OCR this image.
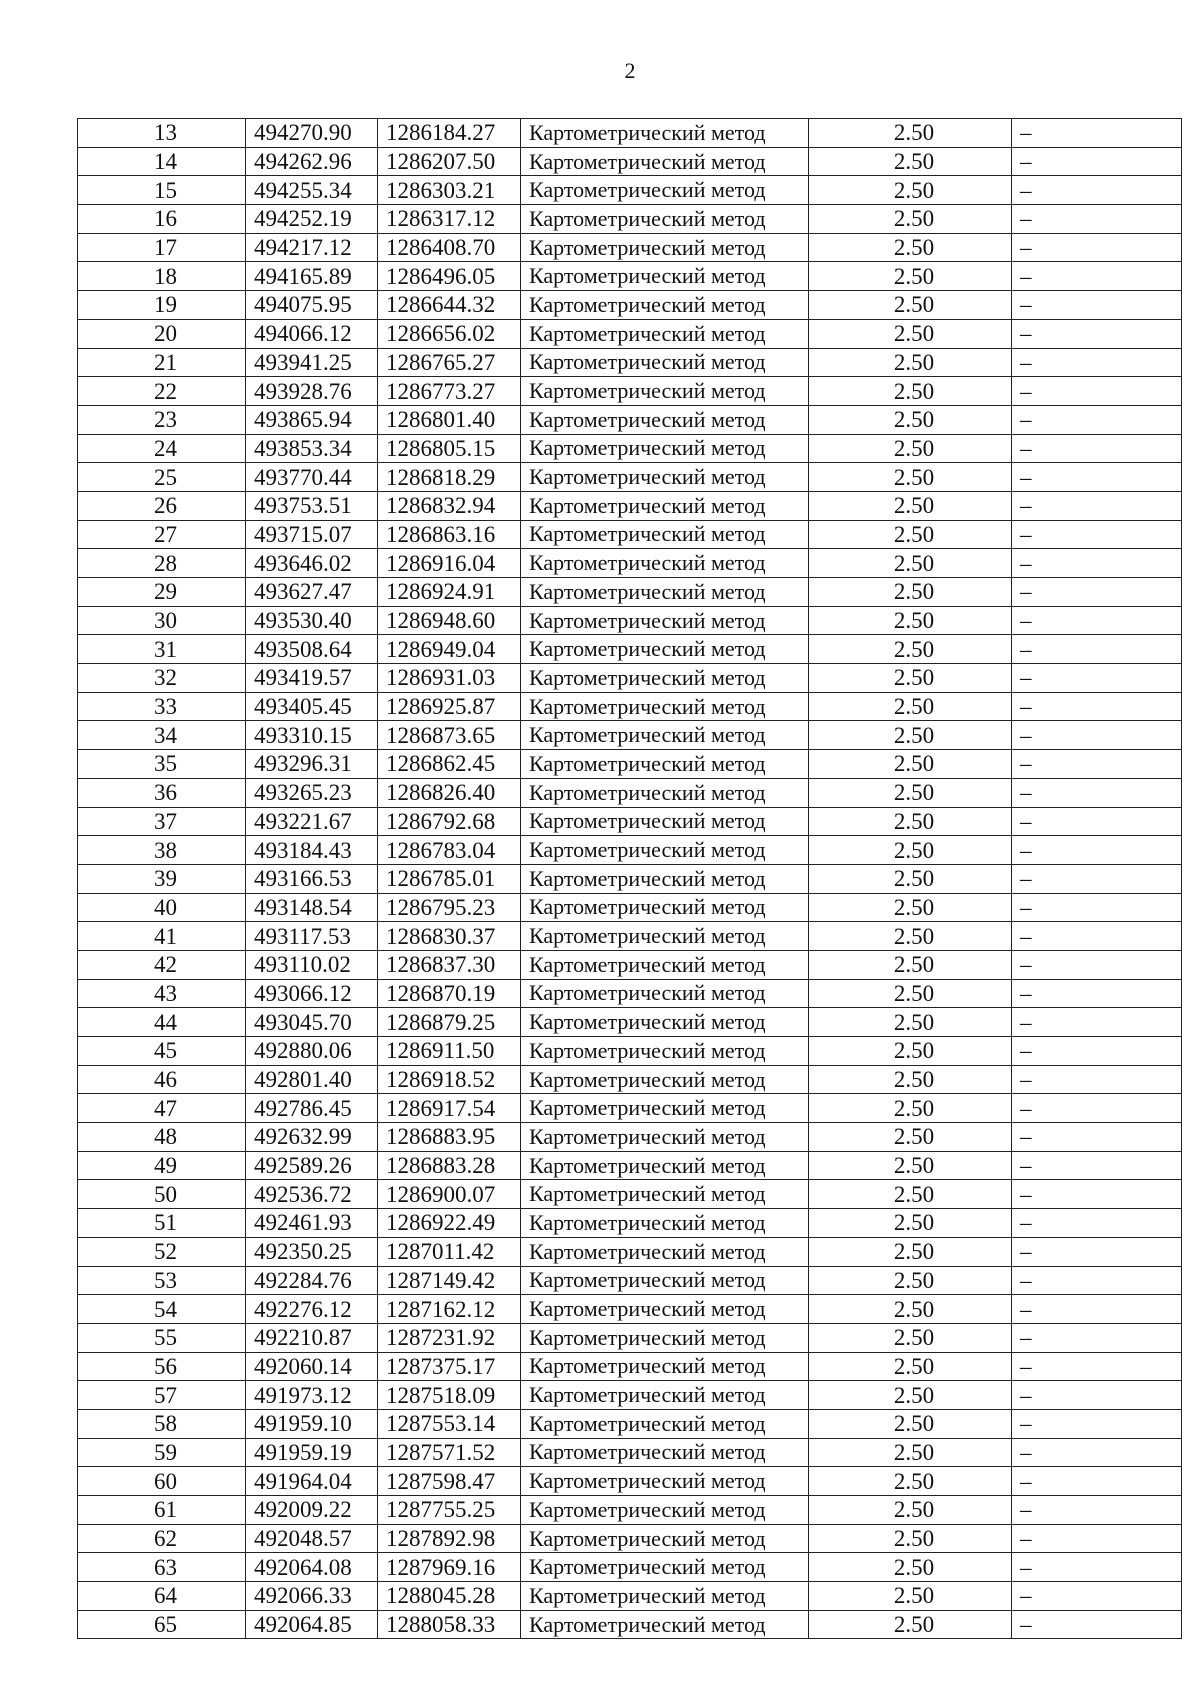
2
13	494270.90	1286184.27	Картометрический метод	2.50	–
14	494262.96	1286207.50	Картометрический метод	2.50	–
15	494255.34	1286303.21	Картометрический метод	2.50	–
16	494252.19	1286317.12	Картометрический метод	2.50	–
17	494217.12	1286408.70	Картометрический метод	2.50	–
18	494165.89	1286496.05	Картометрический метод	2.50	–
19	494075.95	1286644.32	Картометрический метод	2.50	–
20	494066.12	1286656.02	Картометрический метод	2.50	–
21	493941.25	1286765.27	Картометрический метод	2.50	–
22	493928.76	1286773.27	Картометрический метод	2.50	–
23	493865.94	1286801.40	Картометрический метод	2.50	–
24	493853.34	1286805.15	Картометрический метод	2.50	–
25	493770.44	1286818.29	Картометрический метод	2.50	–
26	493753.51	1286832.94	Картометрический метод	2.50	–
27	493715.07	1286863.16	Картометрический метод	2.50	–
28	493646.02	1286916.04	Картометрический метод	2.50	–
29	493627.47	1286924.91	Картометрический метод	2.50	–
30	493530.40	1286948.60	Картометрический метод	2.50	–
31	493508.64	1286949.04	Картометрический метод	2.50	–
32	493419.57	1286931.03	Картометрический метод	2.50	–
33	493405.45	1286925.87	Картометрический метод	2.50	–
34	493310.15	1286873.65	Картометрический метод	2.50	–
35	493296.31	1286862.45	Картометрический метод	2.50	–
36	493265.23	1286826.40	Картометрический метод	2.50	–
37	493221.67	1286792.68	Картометрический метод	2.50	–
38	493184.43	1286783.04	Картометрический метод	2.50	–
39	493166.53	1286785.01	Картометрический метод	2.50	–
40	493148.54	1286795.23	Картометрический метод	2.50	–
41	493117.53	1286830.37	Картометрический метод	2.50	–
42	493110.02	1286837.30	Картометрический метод	2.50	–
43	493066.12	1286870.19	Картометрический метод	2.50	–
44	493045.70	1286879.25	Картометрический метод	2.50	–
45	492880.06	1286911.50	Картометрический метод	2.50	–
46	492801.40	1286918.52	Картометрический метод	2.50	–
47	492786.45	1286917.54	Картометрический метод	2.50	–
48	492632.99	1286883.95	Картометрический метод	2.50	–
49	492589.26	1286883.28	Картометрический метод	2.50	–
50	492536.72	1286900.07	Картометрический метод	2.50	–
51	492461.93	1286922.49	Картометрический метод	2.50	–
52	492350.25	1287011.42	Картометрический метод	2.50	–
53	492284.76	1287149.42	Картометрический метод	2.50	–
54	492276.12	1287162.12	Картометрический метод	2.50	–
55	492210.87	1287231.92	Картометрический метод	2.50	–
56	492060.14	1287375.17	Картометрический метод	2.50	–
57	491973.12	1287518.09	Картометрический метод	2.50	–
58	491959.10	1287553.14	Картометрический метод	2.50	–
59	491959.19	1287571.52	Картометрический метод	2.50	–
60	491964.04	1287598.47	Картометрический метод	2.50	–
61	492009.22	1287755.25	Картометрический метод	2.50	–
62	492048.57	1287892.98	Картометрический метод	2.50	–
63	492064.08	1287969.16	Картометрический метод	2.50	–
64	492066.33	1288045.28	Картометрический метод	2.50	–
65	492064.85	1288058.33	Картометрический метод	2.50	–
